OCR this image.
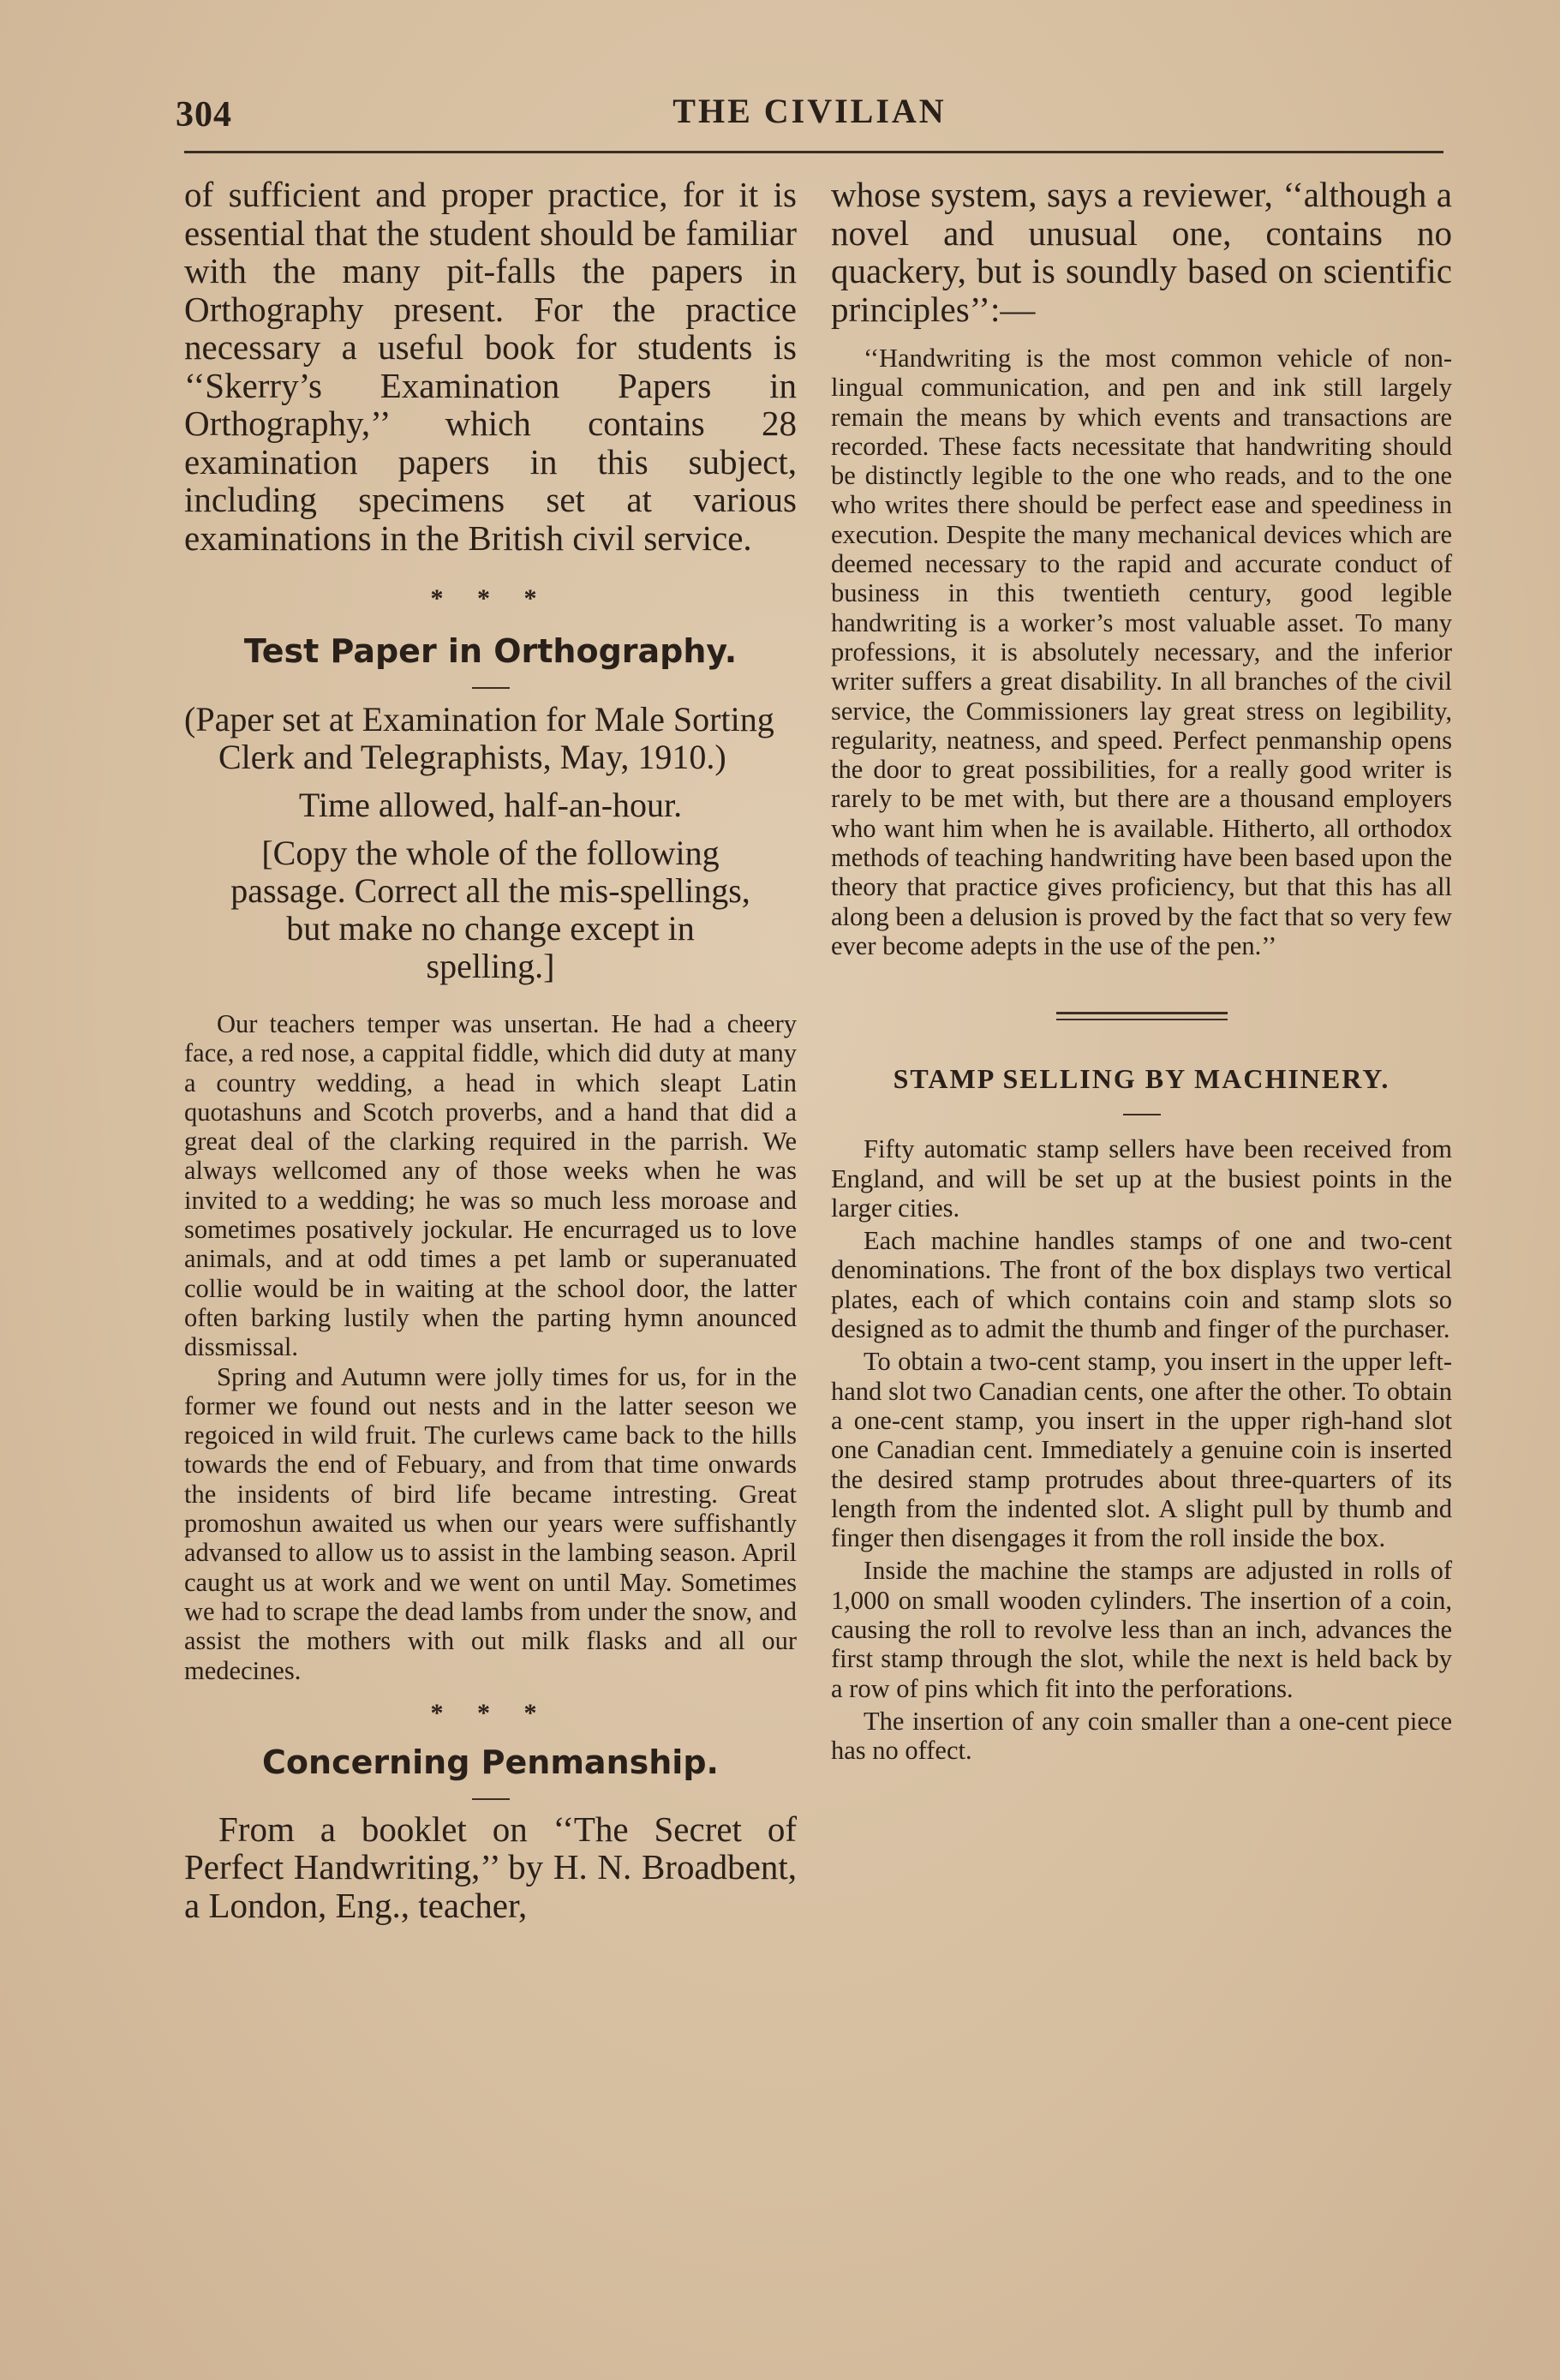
304	THE CIVILIAN

of sufficient and proper practice, for it is essential that the student should be familiar with the many pit-falls the papers in Orthography present. For the practice necessary a useful book for students is ‘‘Skerry’s Examination Papers in Orthography,’’ which contains 28 examination papers in this subject, including specimens set at various examinations in the British civil service.

* * *
Test Paper in Orthography.

(Paper set at Examination for Male Sorting Clerk and Telegraphists, May, 1910.)

Time allowed, half-an-hour.

[Copy the whole of the following passage. Correct all the mis-spellings, but make no change except in spelling.]

Our teachers temper was unsertan. He had a cheery face, a red nose, a cappital fiddle, which did duty at many a country wedding, a head in which sleapt Latin quotashuns and Scotch proverbs, and a hand that did a great deal of the clarking required in the parrish. We always wellcomed any of those weeks when he was invited to a wedding; he was so much less moroase and sometimes posatively jockular. He encurraged us to love animals, and at odd times a pet lamb or superanuated collie would be in waiting at the school door, the latter often barking lustily when the parting hymn anounced dissmissal.

Spring and Autumn were jolly times for us, for in the former we found out nests and in the latter seeson we regoiced in wild fruit. The curlews came back to the hills towards the end of Febuary, and from that time onwards the insidents of bird life became intresting. Great promoshun awaited us when our years were suffishantly advansed to allow us to assist in the lambing season. April caught us at work and we went on until May. Sometimes we had to scrape the dead lambs from under the snow, and assist the mothers with out milk flasks and all our medecines.

* * *
Concerning Penmanship.

From a booklet on ‘‘The Secret of Perfect Handwriting,’’ by H. N. Broadbent, a London, Eng., teacher,

whose system, says a reviewer, ‘‘although a novel and unusual one, contains no quackery, but is soundly based on scientific principles’’:—

‘‘Handwriting is the most common vehicle of non-lingual communication, and pen and ink still largely remain the means by which events and transactions are recorded. These facts necessitate that handwriting should be distinctly legible to the one who reads, and to the one who writes there should be perfect ease and speediness in execution. Despite the many mechanical devices which are deemed necessary to the rapid and accurate conduct of business in this twentieth century, good legible handwriting is a worker’s most valuable asset. To many professions, it is absolutely necessary, and the inferior writer suffers a great disability. In all branches of the civil service, the Commissioners lay great stress on legibility, regularity, neatness, and speed. Perfect penmanship opens the door to great possibilities, for a really good writer is rarely to be met with, but there are a thousand employers who want him when he is available. Hitherto, all orthodox methods of teaching handwriting have been based upon the theory that practice gives proficiency, but that this has all along been a delusion is proved by the fact that so very few ever become adepts in the use of the pen.’’

STAMP SELLING BY MACHINERY.

Fifty automatic stamp sellers have been received from England, and will be set up at the busiest points in the larger cities.

Each machine handles stamps of one and two-cent denominations. The front of the box displays two vertical plates, each of which contains coin and stamp slots so designed as to admit the thumb and finger of the purchaser.

To obtain a two-cent stamp, you insert in the upper left-hand slot two Canadian cents, one after the other. To obtain a one-cent stamp, you insert in the upper righ-hand slot one Canadian cent. Immediately a genuine coin is inserted the desired stamp protrudes about three-quarters of its length from the indented slot. A slight pull by thumb and finger then disengages it from the roll inside the box.

Inside the machine the stamps are adjusted in rolls of 1,000 on small wooden cylinders. The insertion of a coin, causing the roll to revolve less than an inch, advances the first stamp through the slot, while the next is held back by a row of pins which fit into the perforations.

The insertion of any coin smaller than a one-cent piece has no offect.
